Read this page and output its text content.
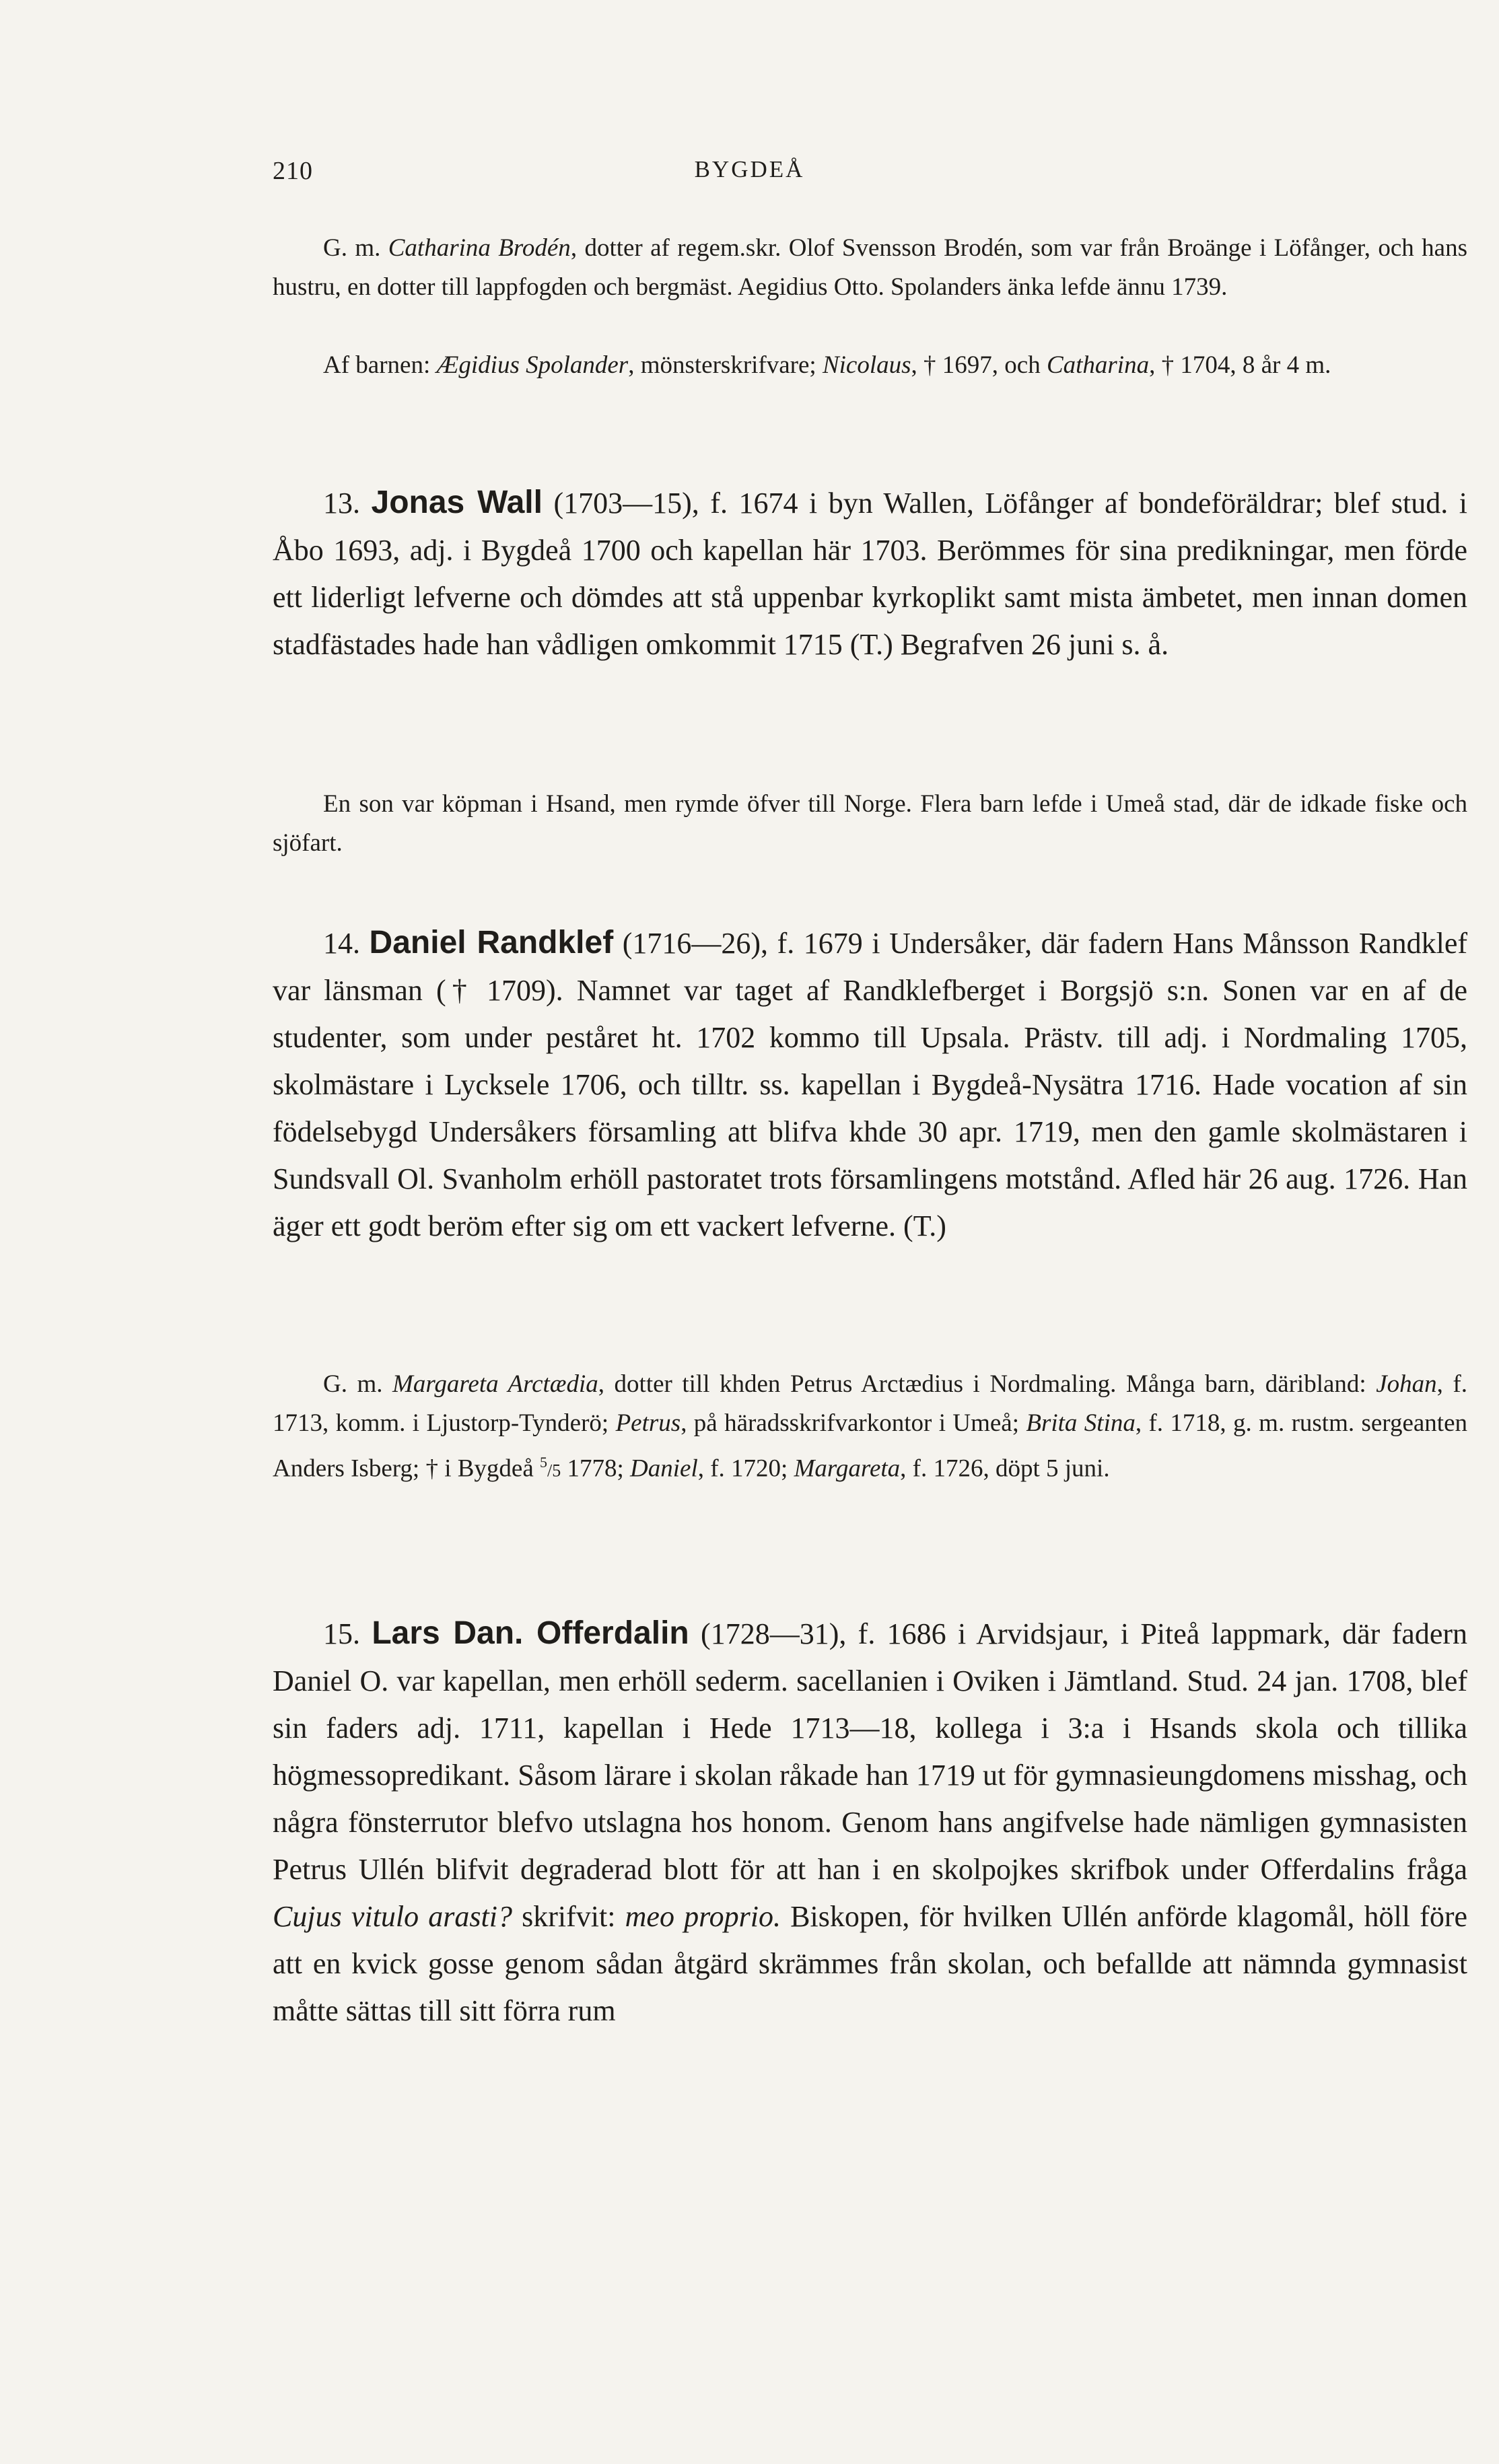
210	BYGDEÅ

G. m. Catharina Brodén, dotter af regem.skr. Olof Svensson Brodén, som var från Broänge i Löfånger, och hans hustru, en dotter till lappfogden och bergmäst. Aegidius Otto. Spolanders änka lefde ännu 1739.

Af barnen: Ægidius Spolander, mönsterskrifvare; Nicolaus, † 1697, och Catharina, † 1704, 8 år 4 m.

13. Jonas Wall (1703—15), f. 1674 i byn Wallen, Löfånger af bondeföräldrar; blef stud. i Åbo 1693, adj. i Bygdeå 1700 och kapellan här 1703. Berömmes för sina predikningar, men förde ett liderligt lefverne och dömdes att stå uppenbar kyrkoplikt samt mista ämbetet, men innan domen stadfästades hade han vådligen omkommit 1715 (T.) Begrafven 26 juni s. å.

En son var köpman i Hsand, men rymde öfver till Norge. Flera barn lefde i Umeå stad, där de idkade fiske och sjöfart.

14. Daniel Randklef (1716—26), f. 1679 i Undersåker, där fadern Hans Månsson Randklef var länsman († 1709). Namnet var taget af Randklefberget i Borgsjö s:n. Sonen var en af de studenter, som under peståret ht. 1702 kommo till Upsala. Prästv. till adj. i Nordmaling 1705, skolmästare i Lycksele 1706, och tilltr. ss. kapellan i Bygdeå-Nysätra 1716. Hade vocation af sin födelsebygd Undersåkers församling att blifva khde 30 apr. 1719, men den gamle skolmästaren i Sundsvall Ol. Svanholm erhöll pastoratet trots församlingens motstånd. Afled här 26 aug. 1726. Han äger ett godt beröm efter sig om ett vackert lefverne. (T.)

G. m. Margareta Arctædia, dotter till khden Petrus Arctædius i Nordmaling. Många barn, däribland: Johan, f. 1713, komm. i Ljustorp-Tynderö; Petrus, på häradsskrifvarkontor i Umeå; Brita Stina, f. 1718, g. m. rustm. sergeanten Anders Isberg; † i Bygdeå $^5$/5 1778; Daniel, f. 1720; Margareta, f. 1726, döpt 5 juni.

15. Lars Dan. Offerdalin (1728—31), f. 1686 i Arvidsjaur, i Piteå lappmark, där fadern Daniel O. var kapellan, men erhöll sederm. sacellanien i Oviken i Jämtland. Stud. 24 jan. 1708, blef sin faders adj. 1711, kapellan i Hede 1713—18, kollega i 3:a i Hsands skola och tillika högmessopredikant. Såsom lärare i skolan råkade han 1719 ut för gymnasieungdomens misshag, och några fönsterrutor blefvo utslagna hos honom. Genom hans angifvelse hade nämligen gymnasisten Petrus Ullén blifvit degraderad blott för att han i en skolpojkes skrifbok under Offerdalins fråga Cujus vitulo arasti? skrifvit: meo proprio. Biskopen, för hvilken Ullén anförde klagomål, höll före att en kvick gosse genom sådan åtgärd skrämmes från skolan, och befallde att nämnda gymnasist måtte sättas till sitt förra rum
